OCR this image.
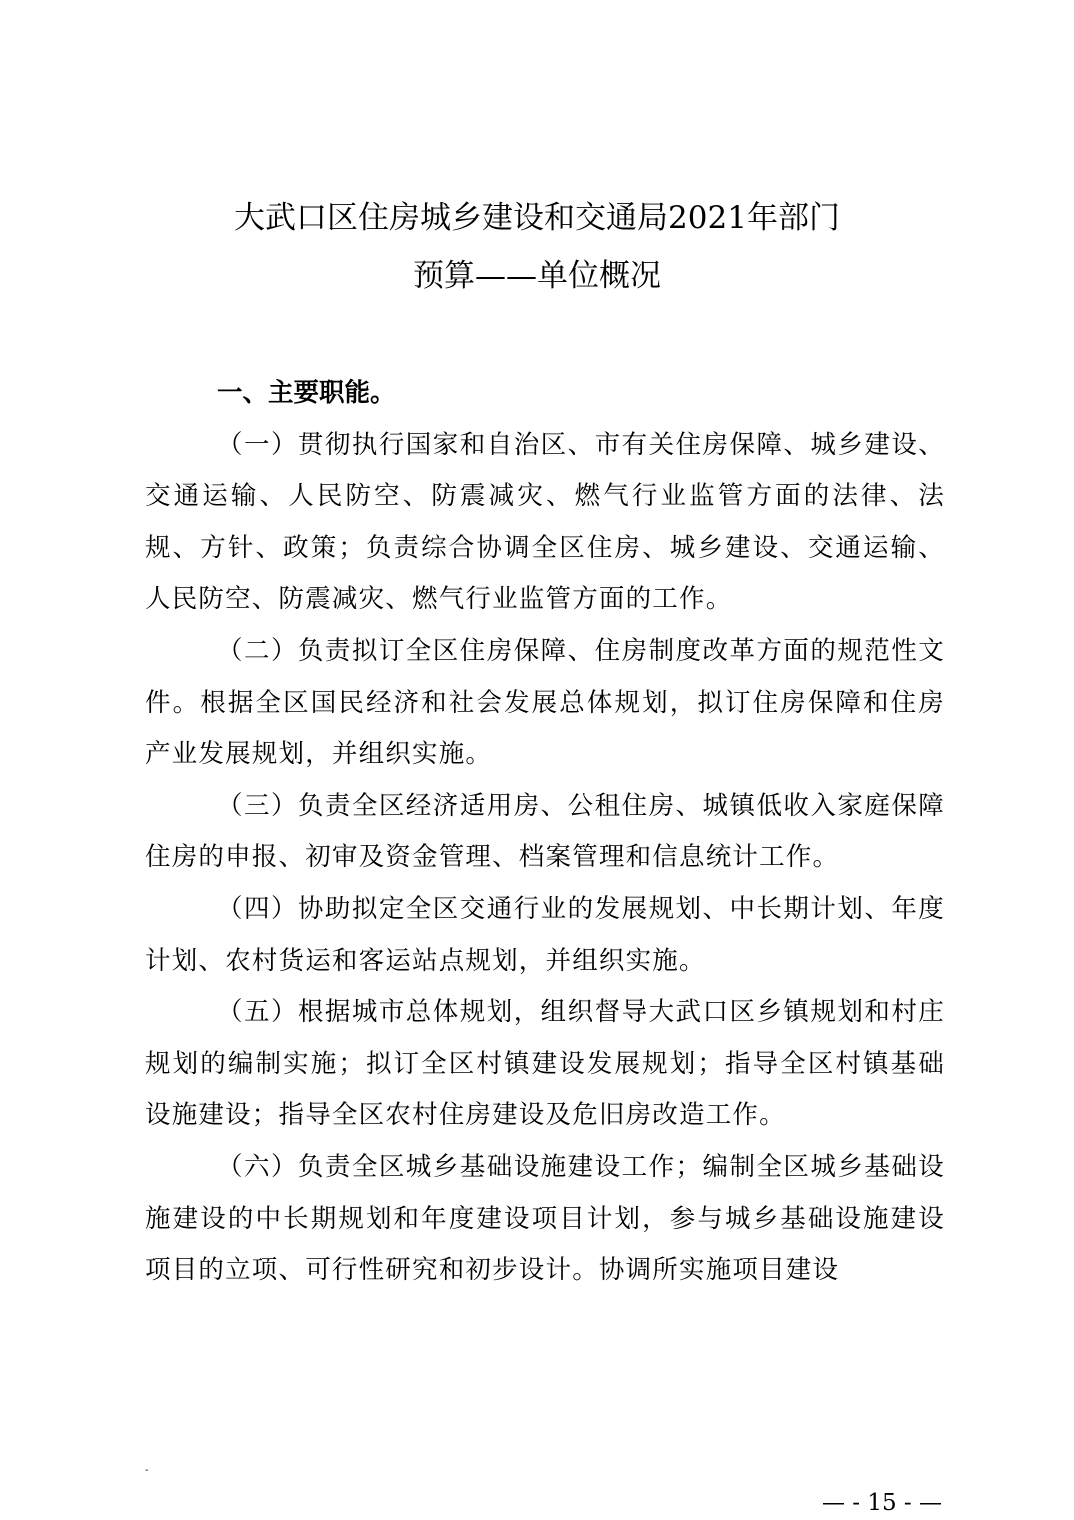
大武口区住房城乡建设和交通局2021年部门
预算——单位概况

一、主要职能。

（一）贯彻执行国家和自治区、市有关住房保障、城乡建设、交通运输、人民防空、防震减灾、燃气行业监管方面的法律、法规、方针、政策；负责综合协调全区住房、城乡建设、交通运输、人民防空、防震减灾、燃气行业监管方面的工作。

（二）负责拟订全区住房保障、住房制度改革方面的规范性文件。根据全区国民经济和社会发展总体规划，拟订住房保障和住房产业发展规划，并组织实施。

（三）负责全区经济适用房、公租住房、城镇低收入家庭保障住房的申报、初审及资金管理、档案管理和信息统计工作。

（四）协助拟定全区交通行业的发展规划、中长期计划、年度计划、农村货运和客运站点规划，并组织实施。

（五）根据城市总体规划，组织督导大武口区乡镇规划和村庄规划的编制实施；拟订全区村镇建设发展规划；指导全区村镇基础设施建设；指导全区农村住房建设及危旧房改造工作。

（六）负责全区城乡基础设施建设工作；编制全区城乡基础设施建设的中长期规划和年度建设项目计划，参与城乡基础设施建设项目的立项、可行性研究和初步设计。协调所实施项目建设

-
— - 15 - —
